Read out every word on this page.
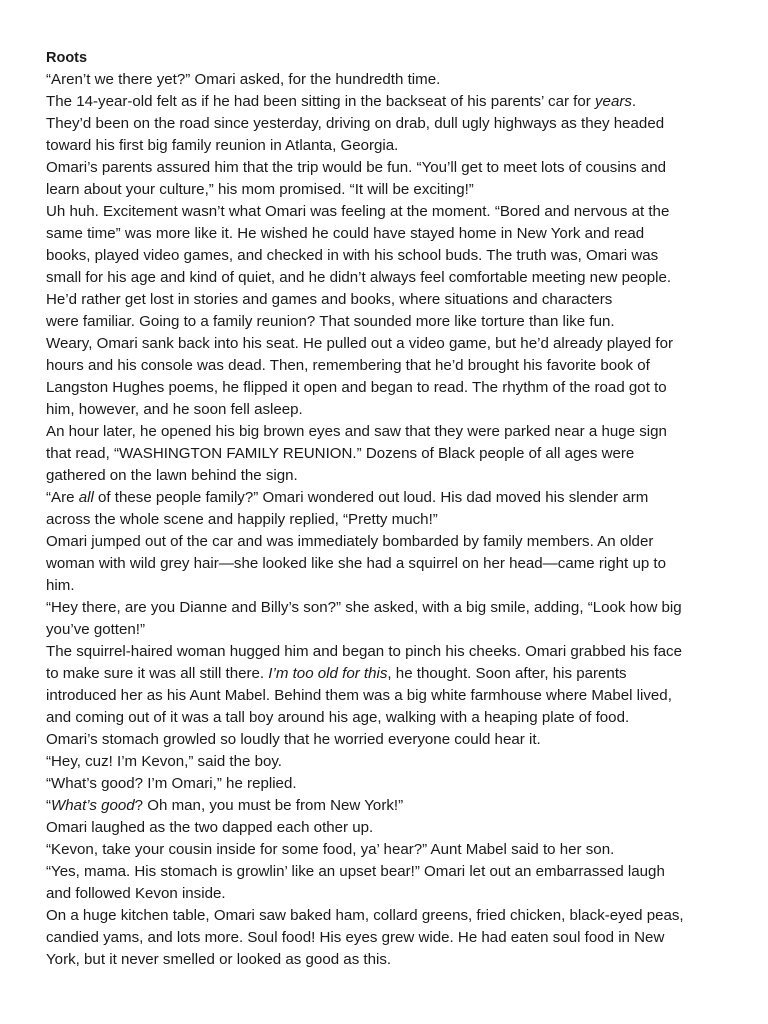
Roots
“Aren’t we there yet?” Omari asked, for the hundredth time.
The 14-year-old felt as if he had been sitting in the backseat of his parents’ car for years.
They’d been on the road since yesterday, driving on drab, dull ugly highways as they headed
toward his first big family reunion in Atlanta, Georgia.
Omari’s parents assured him that the trip would be fun. “You’ll get to meet lots of cousins and
learn about your culture,” his mom promised. “It will be exciting!”
Uh huh. Excitement wasn’t what Omari was feeling at the moment. “Bored and nervous at the
same time” was more like it. He wished he could have stayed home in New York and read
books, played video games, and checked in with his school buds. The truth was, Omari was
small for his age and kind of quiet, and he didn’t always feel comfortable meeting new people.
He’d rather get lost in stories and games and books, where situations and characters
were familiar. Going to a family reunion? That sounded more like torture than like fun.
Weary, Omari sank back into his seat. He pulled out a video game, but he’d already played for
hours and his console was dead. Then, remembering that he’d brought his favorite book of
Langston Hughes poems, he flipped it open and began to read. The rhythm of the road got to
him, however, and he soon fell asleep.
An hour later, he opened his big brown eyes and saw that they were parked near a huge sign
that read, “WASHINGTON FAMILY REUNION.” Dozens of Black people of all ages were
gathered on the lawn behind the sign.
“Are all of these people family?” Omari wondered out loud. His dad moved his slender arm
across the whole scene and happily replied, “Pretty much!”
Omari jumped out of the car and was immediately bombarded by family members. An older
woman with wild grey hair—she looked like she had a squirrel on her head—came right up to
him.
“Hey there, are you Dianne and Billy’s son?” she asked, with a big smile, adding, “Look how big
you’ve gotten!”
The squirrel-haired woman hugged him and began to pinch his cheeks. Omari grabbed his face
to make sure it was all still there. I’m too old for this, he thought. Soon after, his parents
introduced her as his Aunt Mabel. Behind them was a big white farmhouse where Mabel lived,
and coming out of it was a tall boy around his age, walking with a heaping plate of food.
Omari’s stomach growled so loudly that he worried everyone could hear it.
“Hey, cuz! I’m Kevon,” said the boy.
“What’s good? I’m Omari,” he replied.
“What’s good? Oh man, you must be from New York!”
Omari laughed as the two dapped each other up.
“Kevon, take your cousin inside for some food, ya’ hear?” Aunt Mabel said to her son.
“Yes, mama. His stomach is growlin’ like an upset bear!” Omari let out an embarrassed laugh
and followed Kevon inside.
On a huge kitchen table, Omari saw baked ham, collard greens, fried chicken, black-eyed peas,
candied yams, and lots more. Soul food! His eyes grew wide. He had eaten soul food in New
York, but it never smelled or looked as good as this.
